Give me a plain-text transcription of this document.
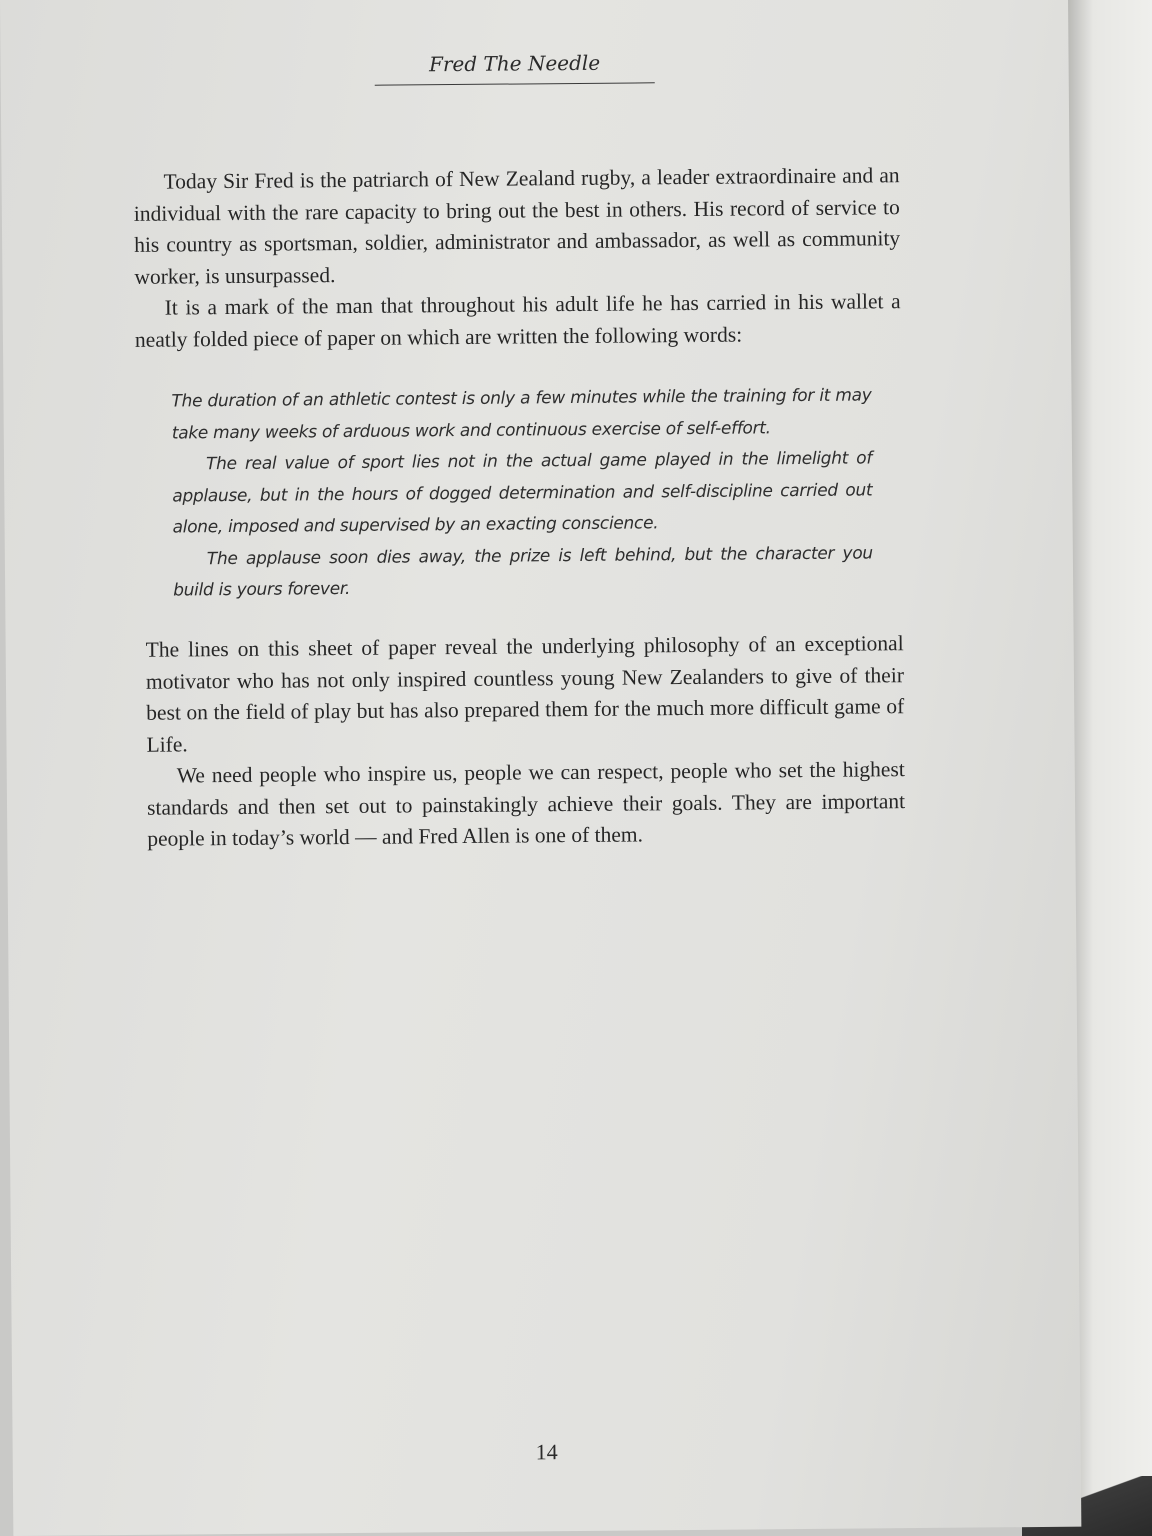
Fred The Needle

Today Sir Fred is the patriarch of New Zealand rugby, a leader extraordinaire and an individual with the rare capacity to bring out the best in others. His record of service to his country as sportsman, soldier, administrator and ambassador, as well as community worker, is unsurpassed.

It is a mark of the man that throughout his adult life he has carried in his wallet a neatly folded piece of paper on which are written the following words:

The duration of an athletic contest is only a few minutes while the training for it may take many weeks of arduous work and continuous exercise of self-effort.

The real value of sport lies not in the actual game played in the limelight of applause, but in the hours of dogged determination and self-discipline carried out alone, imposed and supervised by an exacting conscience.

The applause soon dies away, the prize is left behind, but the character you build is yours forever.

The lines on this sheet of paper reveal the underlying philosophy of an exceptional motivator who has not only inspired countless young New Zealanders to give of their best on the field of play but has also prepared them for the much more difficult game of Life.

We need people who inspire us, people we can respect, people who set the highest standards and then set out to painstakingly achieve their goals. They are important people in today’s world — and Fred Allen is one of them.

14
